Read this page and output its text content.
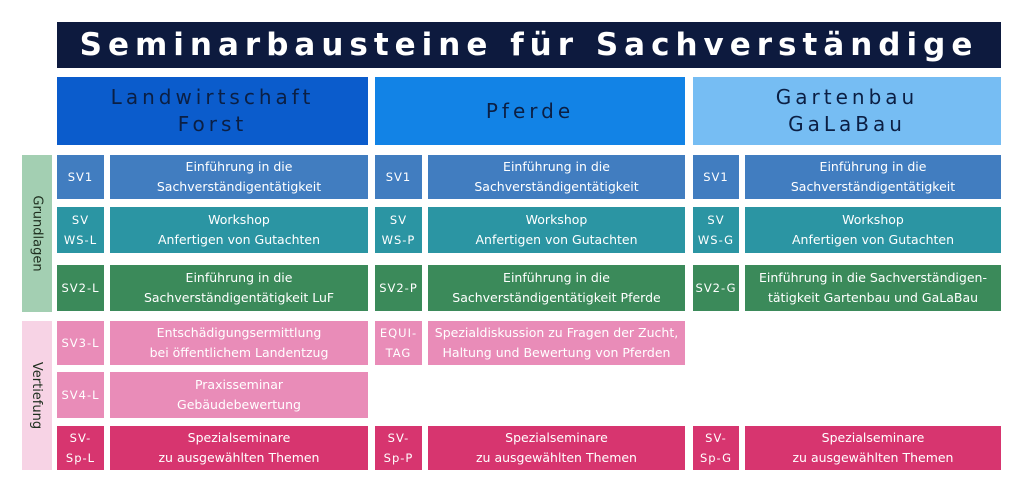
Seminarbausteine für Sachverständige
Landwirtschaft
Forst
Pferde
Gartenbau
GaLaBau
Grundlagen
Vertiefung
SV1
Einführung in die
Sachverständigentätigkeit
SV1
Einführung in die
Sachverständigentätigkeit
SV1
Einführung in die
Sachverständigentätigkeit
SV
WS-L
Workshop
Anfertigen von Gutachten
SV
WS-P
Workshop
Anfertigen von Gutachten
SV
WS-G
Workshop
Anfertigen von Gutachten
SV2-L
Einführung in die
Sachverständigentätigkeit LuF
SV2-P
Einführung in die
Sachverständigentätigkeit Pferde
SV2-G
Einführung in die Sachverständigen-
tätigkeit Gartenbau und GaLaBau
SV3-L
Entschädigungsermittlung
bei öffentlichem Landentzug
EQUI-
TAG
Spezialdiskussion zu Fragen der Zucht,
Haltung und Bewertung von Pferden
SV4-L
Praxisseminar
Gebäudebewertung
SV-
Sp-L
Spezialseminare
zu ausgewählten Themen
SV-
Sp-P
Spezialseminare
zu ausgewählten Themen
SV-
Sp-G
Spezialseminare
zu ausgewählten Themen
